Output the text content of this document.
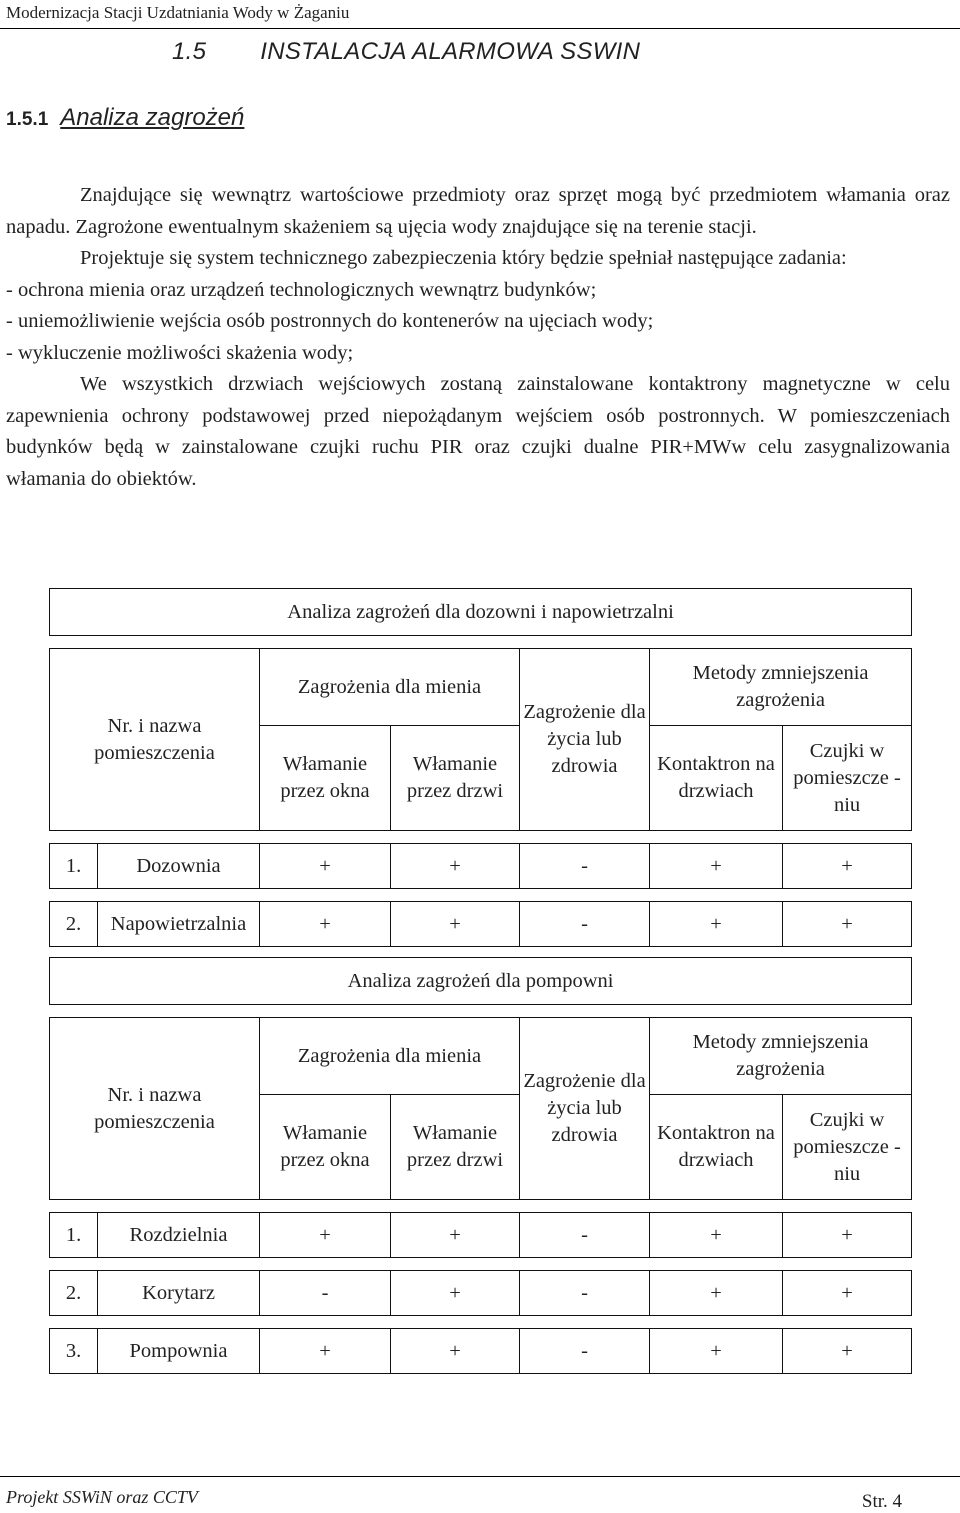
Modernizacja Stacji Uzdatniania Wody w Żaganiu
1.5 INSTALACJA ALARMOWA SSWIN
1.5.1 Analiza zagrożeń

Znajdujące się wewnątrz wartościowe przedmioty oraz sprzęt mogą być przedmiotem włamania oraz napadu. Zagrożone ewentualnym skażeniem są ujęcia wody znajdujące się na terenie stacji.

Projektuje się system technicznego zabezpieczenia który będzie spełniał następujące zadania:

- ochrona mienia oraz urządzeń technologicznych wewnątrz budynków;

- uniemożliwienie wejścia osób postronnych do kontenerów na ujęciach wody;

- wykluczenie możliwości skażenia wody;

We wszystkich drzwiach wejściowych zostaną zainstalowane kontaktrony magnetyczne w celu zapewnienia ochrony podstawowej przed niepożądanym wejściem osób postronnych. W pomieszczeniach budynków będą w zainstalowane czujki ruchu PIR oraz czujki dualne PIR+MWw celu zasygnalizowania włamania do obiektów.

Analiza zagrożeń dla dozowni i napowietrzalni						

Nr. i nazwa pomieszczenia		Zagrożenia dla mienia		Zagrożenie dla życia lub zdrowia	Metody zmniejszenia zagrożenia	
		Włamanie przez okna	Włamanie przez drzwi		Kontaktron na drzwiach	Czujki w pomieszcze -niu

1.	Dozownia	+	+	-	+	+

2.	Napowietrzalnia	+	+	-	+	+
Analiza zagrożeń dla pompowni						

Nr. i nazwa pomieszczenia		Zagrożenia dla mienia		Zagrożenie dla życia lub zdrowia	Metody zmniejszenia zagrożenia	
		Włamanie przez okna	Włamanie przez drzwi		Kontaktron na drzwiach	Czujki w pomieszcze -niu

1.	Rozdzielnia	+	+	-	+	+

2.	Korytarz	-	+	-	+	+

3.	Pompownia	+	+	-	+	+
Projekt SSWiN oraz CCTV	Str. 4
